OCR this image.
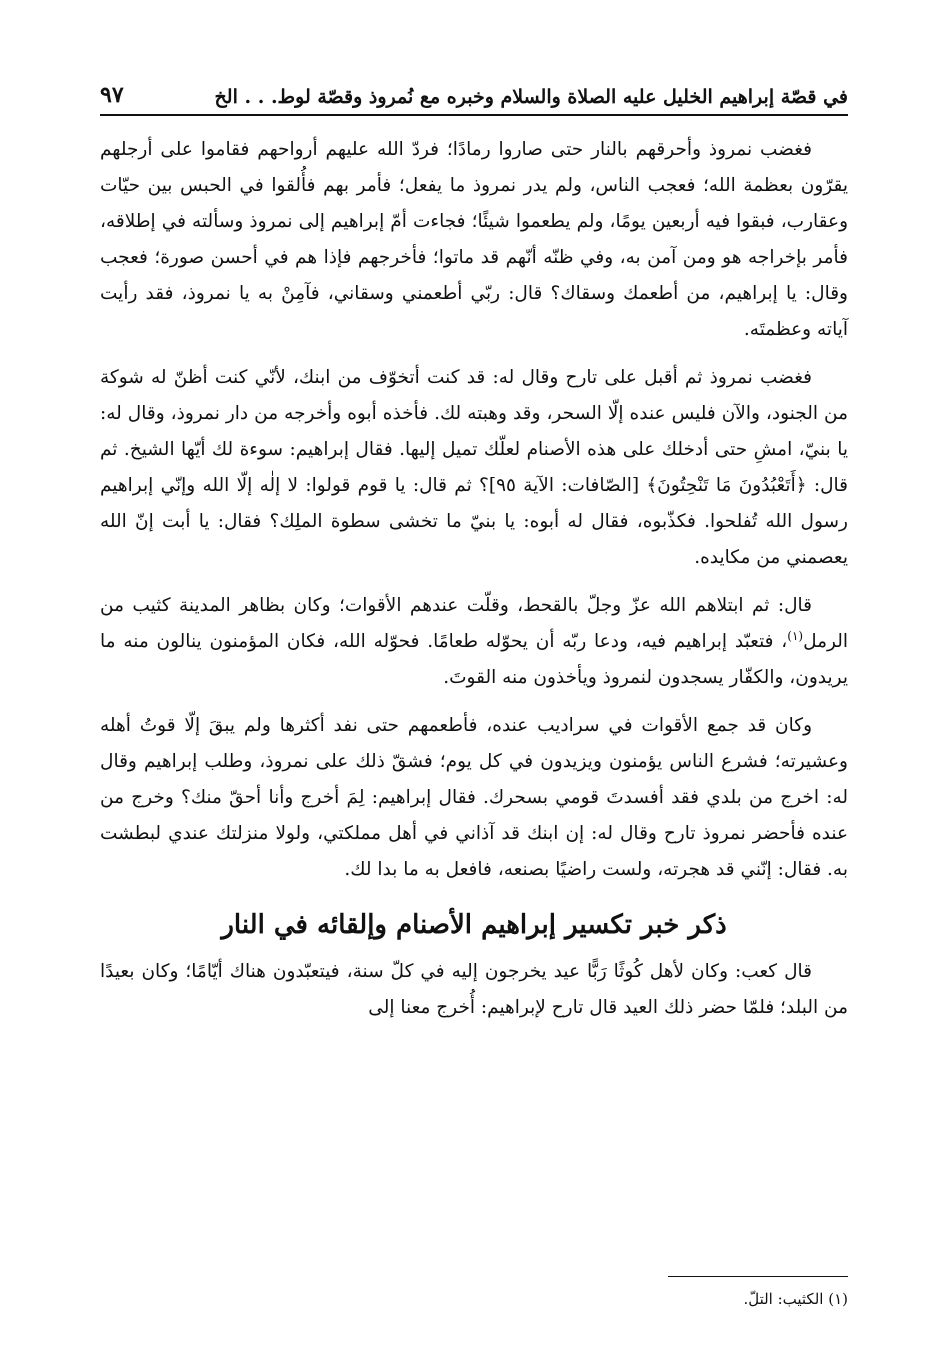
في قصّة إبراهيم الخليل عليه الصلاة والسلام وخبره مع نُمروذ وقصّة لوط. . . الخ
٩٧

فغضب نمروذ وأحرقهم بالنار حتى صاروا رمادًا؛ فردّ الله عليهم أرواحهم فقاموا على أرجلهم يقرّون بعظمة الله؛ فعجب الناس، ولم يدر نمروذ ما يفعل؛ فأمر بهم فأُلقوا في الحبس بين حيّات وعقارب، فبقوا فيه أربعين يومًا، ولم يطعموا شيئًا؛ فجاءت أمّ إبراهيم إلى نمروذ وسألته في إطلاقه، فأمر بإخراجه هو ومن آمن به، وفي ظنّه أنّهم قد ماتوا؛ فأخرجهم فإذا هم في أحسن صورة؛ فعجب وقال: يا إبراهيم، من أطعمك وسقاك؟ قال: ربّي أطعمني وسقاني، فآمِنْ به يا نمروذ، فقد رأيت آياته وعظمتَه.

فغضب نمروذ ثم أقبل على تارح وقال له: قد كنت أتخوّف من ابنك، لأنّي كنت أظنّ له شوكة من الجنود، والآن فليس عنده إلّا السحر، وقد وهبته لك. فأخذه أبوه وأخرجه من دار نمروذ، وقال له: يا بنيّ، امشِ حتى أدخلك على هذه الأصنام لعلّك تميل إليها. فقال إبراهيم: سوءة لك أيّها الشيخ. ثم قال: ﴿أَتَعْبُدُونَ مَا تَنْحِتُونَ﴾ [الصّافات: الآية ٩٥]؟ ثم قال: يا قوم قولوا: لا إلٰه إلّا الله وإنّي إبراهيم رسول الله تُفلحوا. فكذّبوه، فقال له أبوه: يا بنيّ ما تخشى سطوة الملِك؟ فقال: يا أبت إنّ الله يعصمني من مكايده.

قال: ثم ابتلاهم الله عزّ وجلّ بالقحط، وقلّت عندهم الأقوات؛ وكان بظاهر المدينة كثيب من الرمل$^{(١)}$، فتعبّد إبراهيم فيه، ودعا ربّه أن يحوّله طعامًا. فحوّله الله، فكان المؤمنون ينالون منه ما يريدون، والكفّار يسجدون لنمروذ ويأخذون منه القوتَ.

وكان قد جمع الأقوات في سراديب عنده، فأطعمهم حتى نفد أكثرها ولم يبقَ إلّا قوتُ أهله وعشيرته؛ فشرع الناس يؤمنون ويزيدون في كل يوم؛ فشقّ ذلك على نمروذ، وطلب إبراهيم وقال له: اخرج من بلدي فقد أفسدتَ قومي بسحرك. فقال إبراهيم: لِمَ أخرج وأنا أحقّ منك؟ وخرج من عنده فأحضر نمروذ تارح وقال له: إن ابنك قد آذاني في أهل مملكتي، ولولا منزلتك عندي لبطشت به. فقال: إنّني قد هجرته، ولست راضيًا بصنعه، فافعل به ما بدا لك.

ذكر خبر تكسير إبراهيم الأصنام وإلقائه في النار

قال كعب: وكان لأهل كُوثًا رَبًّا عيد يخرجون إليه في كلّ سنة، فيتعبّدون هناك أيّامًا؛ وكان بعيدًا من البلد؛ فلمّا حضر ذلك العيد قال تارح لإبراهيم: أُخرج معنا إلى

(١) الكثيب: التلّ.
